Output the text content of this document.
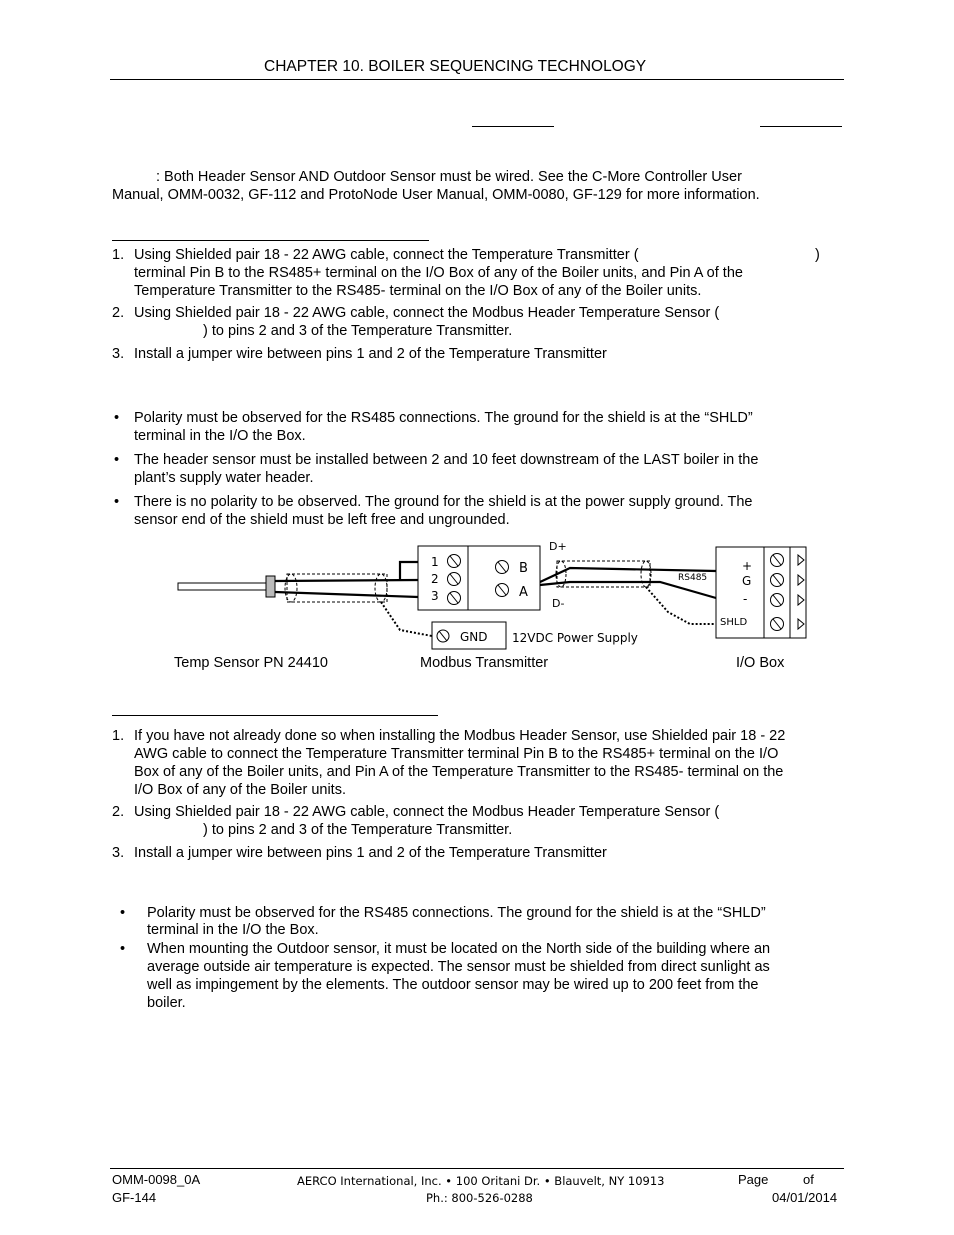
CHAPTER 10. BOILER SEQUENCING TECHNOLOGY
: Both Header Sensor AND Outdoor Sensor must be wired. See the C-More Controller User
Manual, OMM-0032, GF-112 and ProtoNode User Manual, OMM-0080, GF-129 for more information.
1. Using Shielded pair 18 - 22 AWG cable, connect the Temperature Transmitter (	)
terminal Pin B to the RS485+ terminal on the I/O Box of any of the Boiler units, and Pin A of the
Temperature Transmitter to the RS485- terminal on the I/O Box of any of the Boiler units.
2. Using Shielded pair 18 - 22 AWG cable, connect the Modbus Header Temperature Sensor (
) to pins 2 and 3 of the Temperature Transmitter.
3. Install a jumper wire between pins 1 and 2 of the Temperature Transmitter
• Polarity must be observed for the RS485 connections. The ground for the shield is at the “SHLD”
terminal in the I/O the Box.
• The header sensor must be installed between 2 and 10 feet downstream of the LAST boiler in the
plant’s supply water header.
• There is no polarity to be observed. The ground for the shield is at the power supply ground. The
sensor end of the shield must be left free and ungrounded.
1
2
3
B
A
D+
D-
RS485
+
G
-
SHLD
GND 12VDC Power Supply
Temp Sensor PN 24410	Modbus Transmitter	I/O Box
1. If you have not already done so when installing the Modbus Header Sensor, use Shielded pair 18 - 22
AWG cable to connect the Temperature Transmitter terminal Pin B to the RS485+ terminal on the I/O
Box of any of the Boiler units, and Pin A of the Temperature Transmitter to the RS485- terminal on the
I/O Box of any of the Boiler units.
2. Using Shielded pair 18 - 22 AWG cable, connect the Modbus Header Temperature Sensor (
) to pins 2 and 3 of the Temperature Transmitter.
3. Install a jumper wire between pins 1 and 2 of the Temperature Transmitter
• Polarity must be observed for the RS485 connections. The ground for the shield is at the “SHLD”
terminal in the I/O the Box.
• When mounting the Outdoor sensor, it must be located on the North side of the building where an
average outside air temperature is expected. The sensor must be shielded from direct sunlight as
well as impingement by the elements. The outdoor sensor may be wired up to 200 feet from the
boiler.
OMM-0098_0A
GF-144
AERCO International, Inc. • 100 Oritani Dr. • Blauvelt, NY 10913
Ph.: 800-526-0288
Page	of
04/01/2014
